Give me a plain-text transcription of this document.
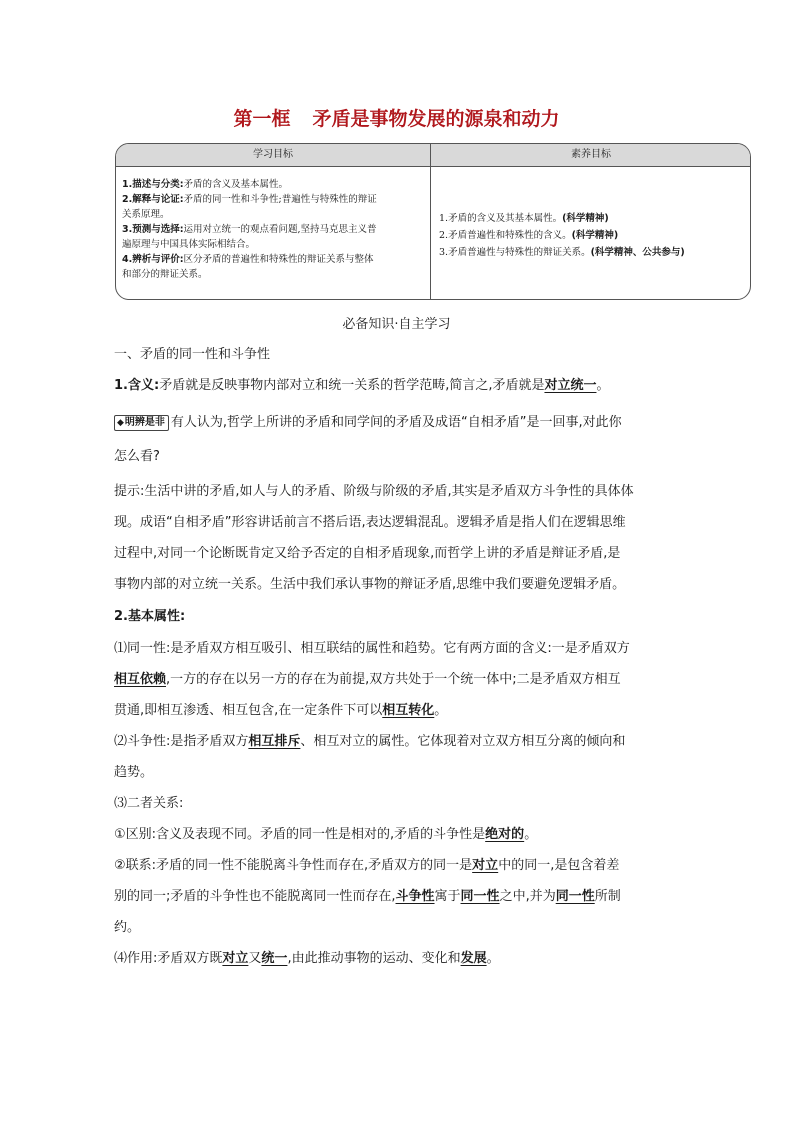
第一框 矛盾是事物发展的源泉和动力
学习目标	素养目标
1.描述与分类:矛盾的含义及基本属性。
2.解释与论证:矛盾的同一性和斗争性;普遍性与特殊性的辩证
关系原理。
3.预测与选择:运用对立统一的观点看问题,坚持马克思主义普
遍原理与中国具体实际相结合。
4.辨析与评价:区分矛盾的普遍性和特殊性的辩证关系与整体
和部分的辩证关系。
1.矛盾的含义及其基本属性。(科学精神)
2.矛盾普遍性和特殊性的含义。(科学精神)
3.矛盾普遍性与特殊性的辩证关系。(科学精神、公共参与)
必备知识·自主学习
一、矛盾的同一性和斗争性
1.含义:矛盾就是反映事物内部对立和统一关系的哲学范畴,简言之,矛盾就是对立统一。
◆明辨是非 有人认为,哲学上所讲的矛盾和同学间的矛盾及成语“自相矛盾”是一回事,对此你
怎么看?
提示:生活中讲的矛盾,如人与人的矛盾、阶级与阶级的矛盾,其实是矛盾双方斗争性的具体体
现。成语“自相矛盾”形容讲话前言不搭后语,表达逻辑混乱。逻辑矛盾是指人们在逻辑思维
过程中,对同一个论断既肯定又给予否定的自相矛盾现象,而哲学上讲的矛盾是辩证矛盾,是
事物内部的对立统一关系。生活中我们承认事物的辩证矛盾,思维中我们要避免逻辑矛盾。
2.基本属性:
⑴同一性:是矛盾双方相互吸引、相互联结的属性和趋势。它有两方面的含义:一是矛盾双方
相互依赖,一方的存在以另一方的存在为前提,双方共处于一个统一体中;二是矛盾双方相互
贯通,即相互渗透、相互包含,在一定条件下可以相互转化。
⑵斗争性:是指矛盾双方相互排斥、相互对立的属性。它体现着对立双方相互分离的倾向和
趋势。
⑶二者关系:
①区别:含义及表现不同。矛盾的同一性是相对的,矛盾的斗争性是绝对的。
②联系:矛盾的同一性不能脱离斗争性而存在,矛盾双方的同一是对立中的同一,是包含着差
别的同一;矛盾的斗争性也不能脱离同一性而存在,斗争性寓于同一性之中,并为同一性所制
约。
⑷作用:矛盾双方既对立又统一,由此推动事物的运动、变化和发展。
